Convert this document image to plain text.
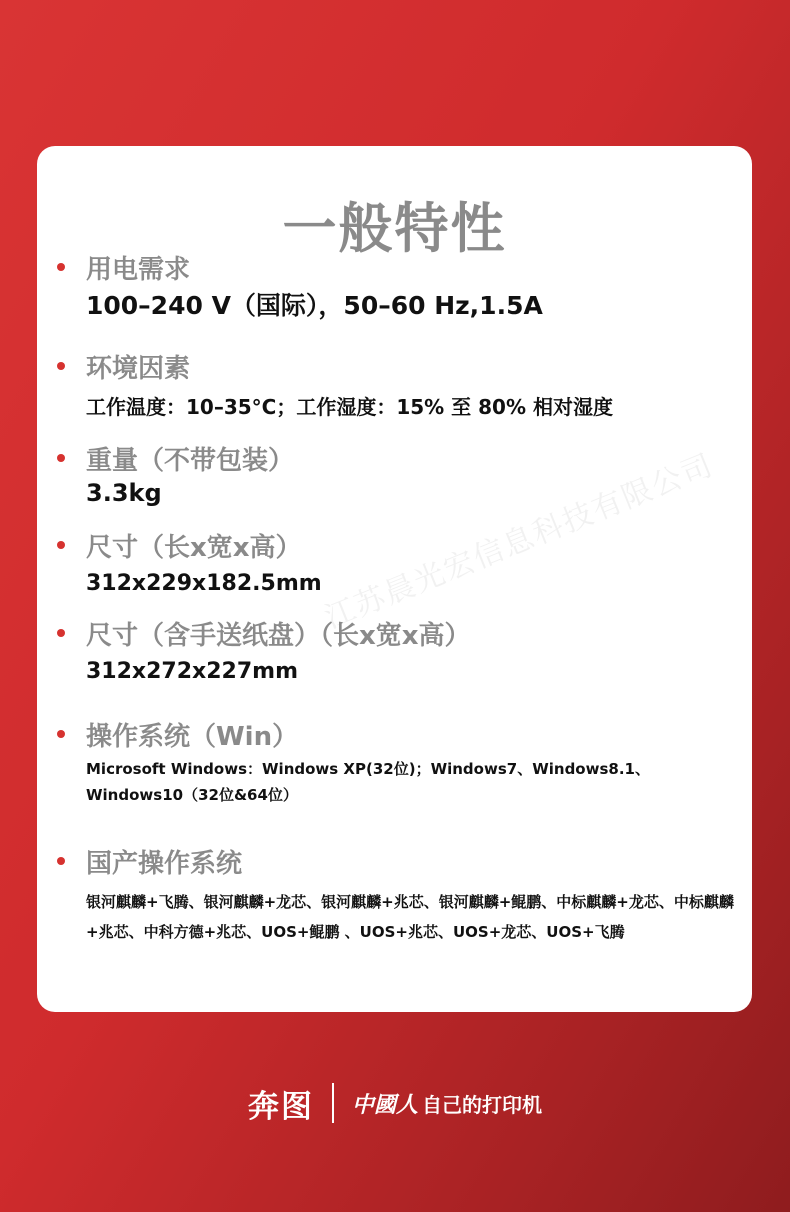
江苏晨光宏信息科技有限公司
一般特性
用电需求
100–240 V（国际），50–60 Hz,1.5A
环境因素
工作温度：10–35°C；工作湿度：15% 至 80% 相对湿度
重量（不带包装）
3.3kg
尺寸（长x宽x高）
312x229x182.5mm
尺寸（含手送纸盘）（长x宽x高）
312x272x227mm
操作系统（Win）
Microsoft Windows：Windows XP(32位)；Windows7、Windows8.1、Windows10（32位&64位）
国产操作系统
银河麒麟+飞腾、银河麒麟+龙芯、银河麒麟+兆芯、银河麒麟+鲲鹏、中标麒麟+龙芯、中标麒麟+兆芯、中科方德+兆芯、UOS+鲲鹏 、UOS+兆芯、UOS+龙芯、UOS+飞腾
奔图 中國人 自己的打印机
